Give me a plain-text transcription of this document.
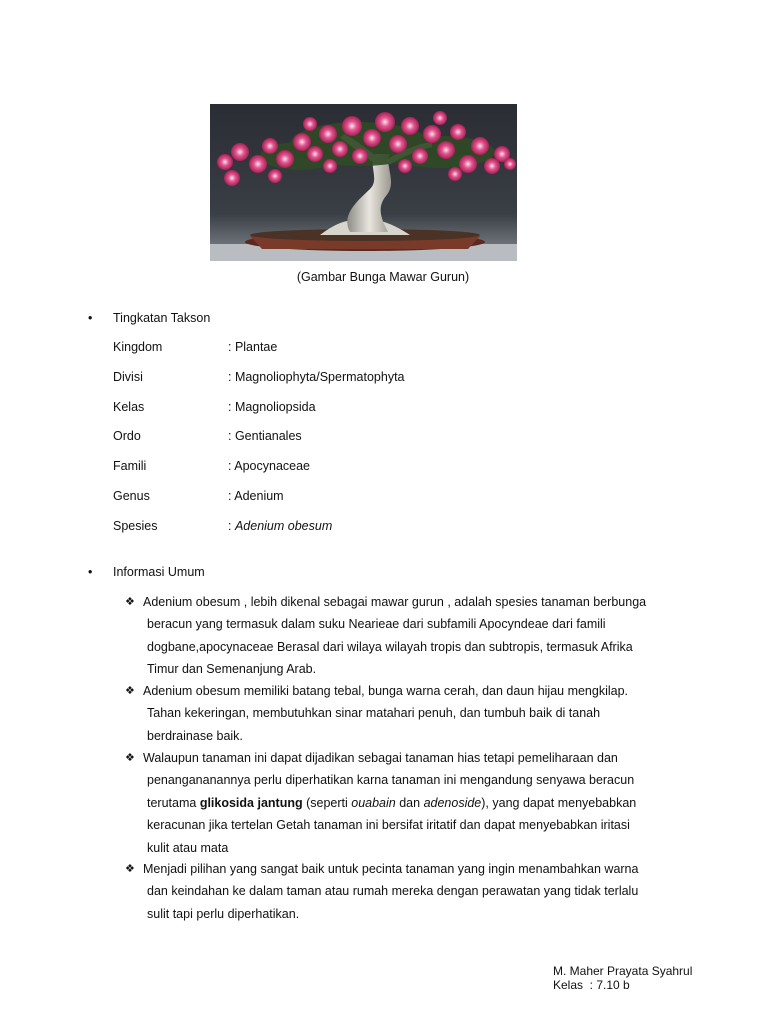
(Gambar Bunga Mawar Gurun)
• Tingkatan Takson
Kingdom	: Plantae
Divisi	: Magnoliophyta/Spermatophyta
Kelas	: Magnoliopsida
Ordo	: Gentianales
Famili	: Apocynaceae
Genus	: Adenium
Spesies	: Adenium obesum
• Informasi Umum
❖ Adenium obesum , lebih dikenal sebagai mawar gurun , adalah spesies tanaman berbunga
beracun yang termasuk dalam suku Nearieae dari subfamili Apocyndeae dari famili
dogbane,apocynaceae Berasal dari wilaya wilayah tropis dan subtropis, termasuk Afrika
Timur dan Semenanjung Arab.
❖ Adenium obesum memiliki batang tebal, bunga warna cerah, dan daun hijau mengkilap.
Tahan kekeringan, membutuhkan sinar matahari penuh, dan tumbuh baik di tanah
berdrainase baik.
❖ Walaupun tanaman ini dapat dijadikan sebagai tanaman hias tetapi pemeliharaan dan
penangananannya perlu diperhatikan karna tanaman ini mengandung senyawa beracun
terutama glikosida jantung (seperti ouabain dan adenoside), yang dapat menyebabkan
keracunan jika tertelan Getah tanaman ini bersifat iritatif dan dapat menyebabkan iritasi
kulit atau mata
❖ Menjadi pilihan yang sangat baik untuk pecinta tanaman yang ingin menambahkan warna
dan keindahan ke dalam taman atau rumah mereka dengan perawatan yang tidak terlalu
sulit tapi perlu diperhatikan.
M. Maher Prayata Syahrul
Kelas  : 7.10 b
